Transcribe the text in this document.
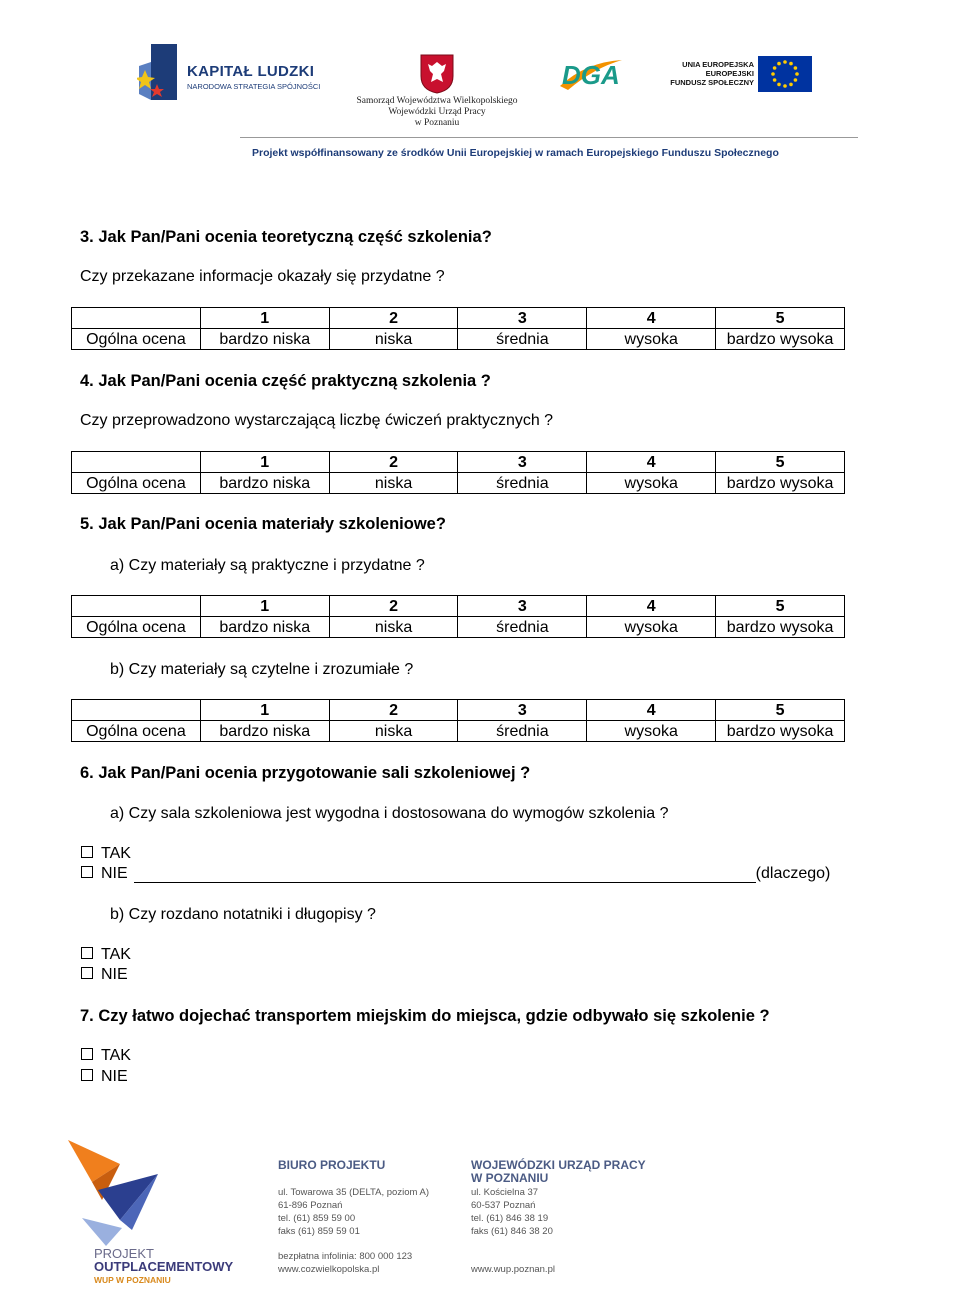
KAPITAŁ LUDZKI
NARODOWA STRATEGIA SPÓJNOŚCI
Samorząd Województwa Wielkopolskiego
Wojewódzki Urząd Pracy
w Poznaniu
DGA	UNIA EUROPEJSKA
EUROPEJSKI
FUNDUSZ SPOŁECZNY
Projekt współfinansowany ze środków Unii Europejskiej w ramach Europejskiego Funduszu Społecznego
3. Jak Pan/Pani ocenia teoretyczną część szkolenia?
Czy przekazane informacje okazały się przydatne ?
	1	2	3	4	5
Ogólna ocena	bardzo niska	niska	średnia	wysoka	bardzo wysoka
4. Jak Pan/Pani ocenia część praktyczną szkolenia ?
Czy przeprowadzono wystarczającą liczbę ćwiczeń praktycznych ?
	1	2	3	4	5
Ogólna ocena	bardzo niska	niska	średnia	wysoka	bardzo wysoka
5. Jak Pan/Pani ocenia materiały szkoleniowe?
a) Czy materiały są praktyczne i przydatne ?
	1	2	3	4	5
Ogólna ocena	bardzo niska	niska	średnia	wysoka	bardzo wysoka
b) Czy materiały są czytelne i zrozumiałe ?
	1	2	3	4	5
Ogólna ocena	bardzo niska	niska	średnia	wysoka	bardzo wysoka
6. Jak Pan/Pani ocenia przygotowanie sali szkoleniowej ?
a) Czy sala szkoleniowa jest wygodna i dostosowana do wymogów szkolenia ?
TAK
NIE	(dlaczego)
b) Czy rozdano notatniki i długopisy ?
TAK
NIE
7. Czy łatwo dojechać transportem miejskim do miejsca, gdzie odbywało się szkolenie ?
TAK
NIE
PROJEKT
OUTPLACEMENTOWY
WUP W POZNANIU
BIURO PROJEKTU
ul. Towarowa 35 (DELTA, poziom A)
61-896 Poznań
tel. (61) 859 59 00
faks (61) 859 59 01
bezpłatna infolinia: 800 000 123
www.cozwielkopolska.pl
WOJEWÓDZKI URZĄD PRACY
W POZNANIU
ul. Kościelna 37
60-537 Poznań
tel. (61) 846 38 19
faks (61) 846 38 20
www.wup.poznan.pl
